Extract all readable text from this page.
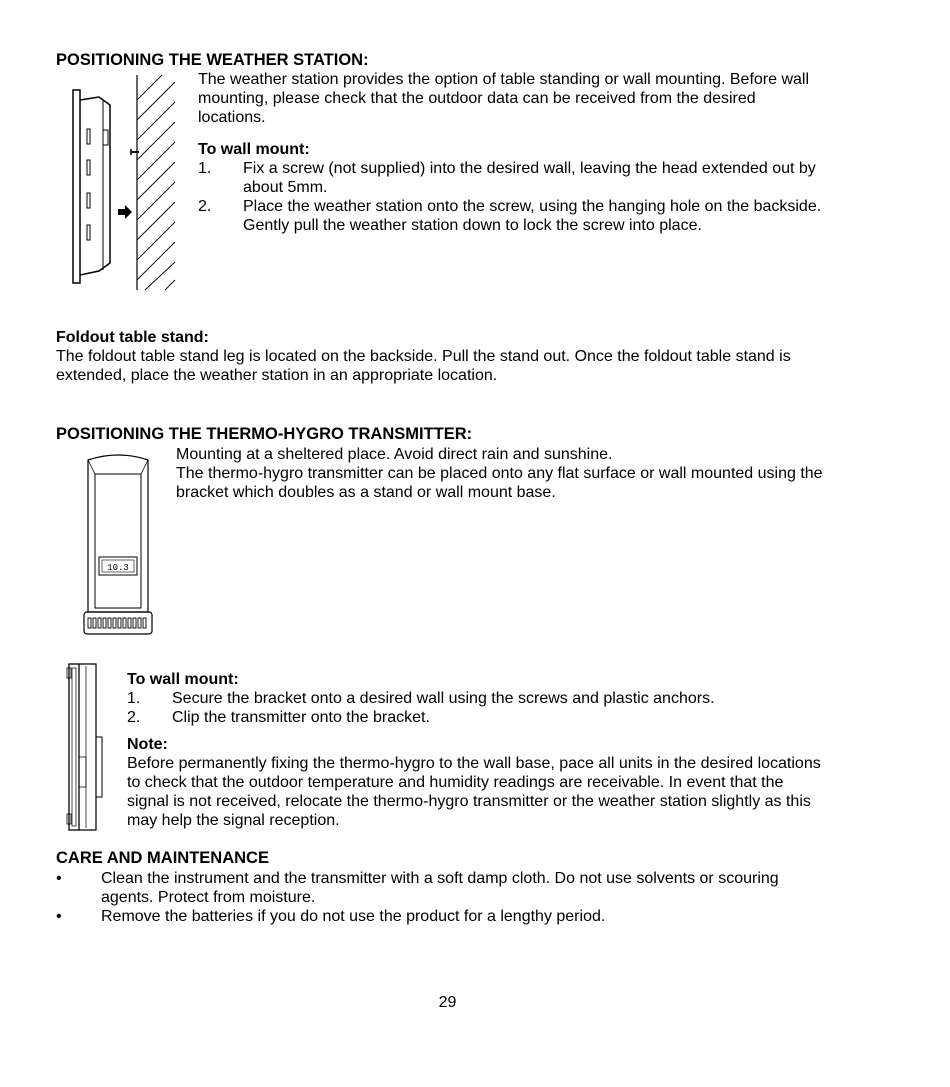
POSITIONING THE WEATHER STATION:

The weather station provides the option of table standing or wall mounting. Before wall

mounting, please check that the outdoor data can be received from the desired

locations.

To wall mount:
1. Fix a screw (not supplied) into the desired wall, leaving the head extended out by

about 5mm.

2. Place the weather station onto the screw, using the hanging hole on the backside.

Gently pull the weather station down to lock the screw into place.

Foldout table stand:

The foldout table stand leg is located on the backside. Pull the stand out. Once the foldout table stand is

extended, place the weather station in an appropriate location.

POSITIONING THE THERMO-HYGRO TRANSMITTER:
10.3

Mounting at a sheltered place. Avoid direct rain and sunshine.

The thermo-hygro transmitter can be placed onto any flat surface or wall mounted using the

bracket which doubles as a stand or wall mount base.

To wall mount:
1. Secure the bracket onto a desired wall using the screws and plastic anchors.
2. Clip the transmitter onto the bracket.
Note:

Before permanently fixing the thermo-hygro to the wall base, pace all units in the desired locations

to check that the outdoor temperature and humidity readings are receivable. In event that the

signal is not received, relocate the thermo-hygro transmitter or the weather station slightly as this

may help the signal reception.

CARE AND MAINTENANCE
• Clean the instrument and the transmitter with a soft damp cloth. Do not use solvents or scouring

agents. Protect from moisture.

• Remove the batteries if you do not use the product for a lengthy period.

29
